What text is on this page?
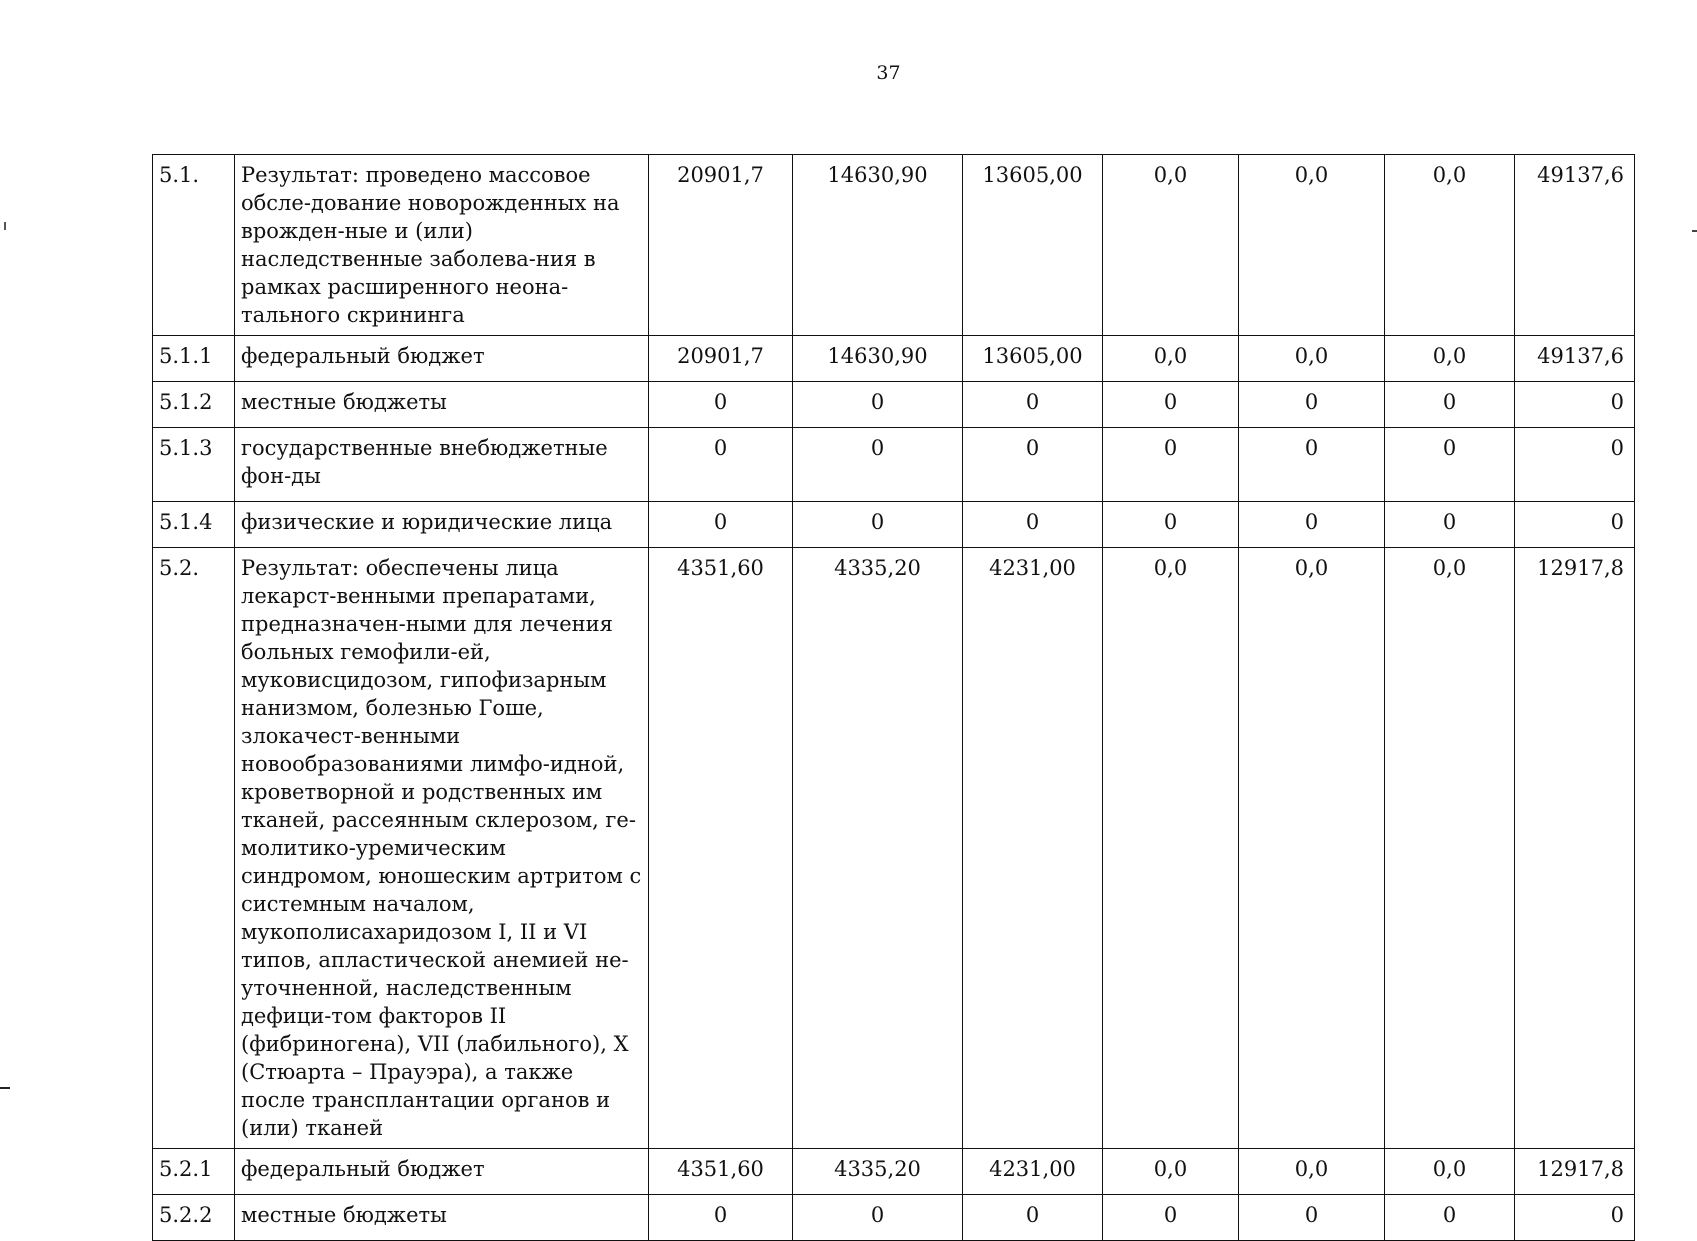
37
5.1.	Результат: проведено массовое обсле-дование новорожденных на врожден-ные и (или) наследственные заболева-ния в рамках расширенного неона-тального скрининга	20901,7	14630,90	13605,00	0,0	0,0	0,0	49137,6
5.1.1	федеральный бюджет	20901,7	14630,90	13605,00	0,0	0,0	0,0	49137,6
5.1.2	местные бюджеты	0	0	0	0	0	0	0
5.1.3	государственные внебюджетные фон-ды	0	0	0	0	0	0	0
5.1.4	физические и юридические лица	0	0	0	0	0	0	0
5.2.	Результат: обеспечены лица лекарст-венными препаратами, предназначен-ными для лечения больных гемофили-ей, муковисцидозом, гипофизарным нанизмом, болезнью Гоше, злокачест-венными новообразованиями лимфо-идной, кроветворной и родственных им тканей, рассеянным склерозом, ге-молитико-уремическим синдромом, юношеским артритом с системным началом, мукополисахаридозом I, II и VI типов, апластической анемией не-уточненной, наследственным дефици-том факторов II (фибриногена), VII (лабильного), X (Стюарта – Прауэра), а также после трансплантации органов и (или) тканей	4351,60	4335,20	4231,00	0,0	0,0	0,0	12917,8
5.2.1	федеральный бюджет	4351,60	4335,20	4231,00	0,0	0,0	0,0	12917,8
5.2.2	местные бюджеты	0	0	0	0	0	0	0
